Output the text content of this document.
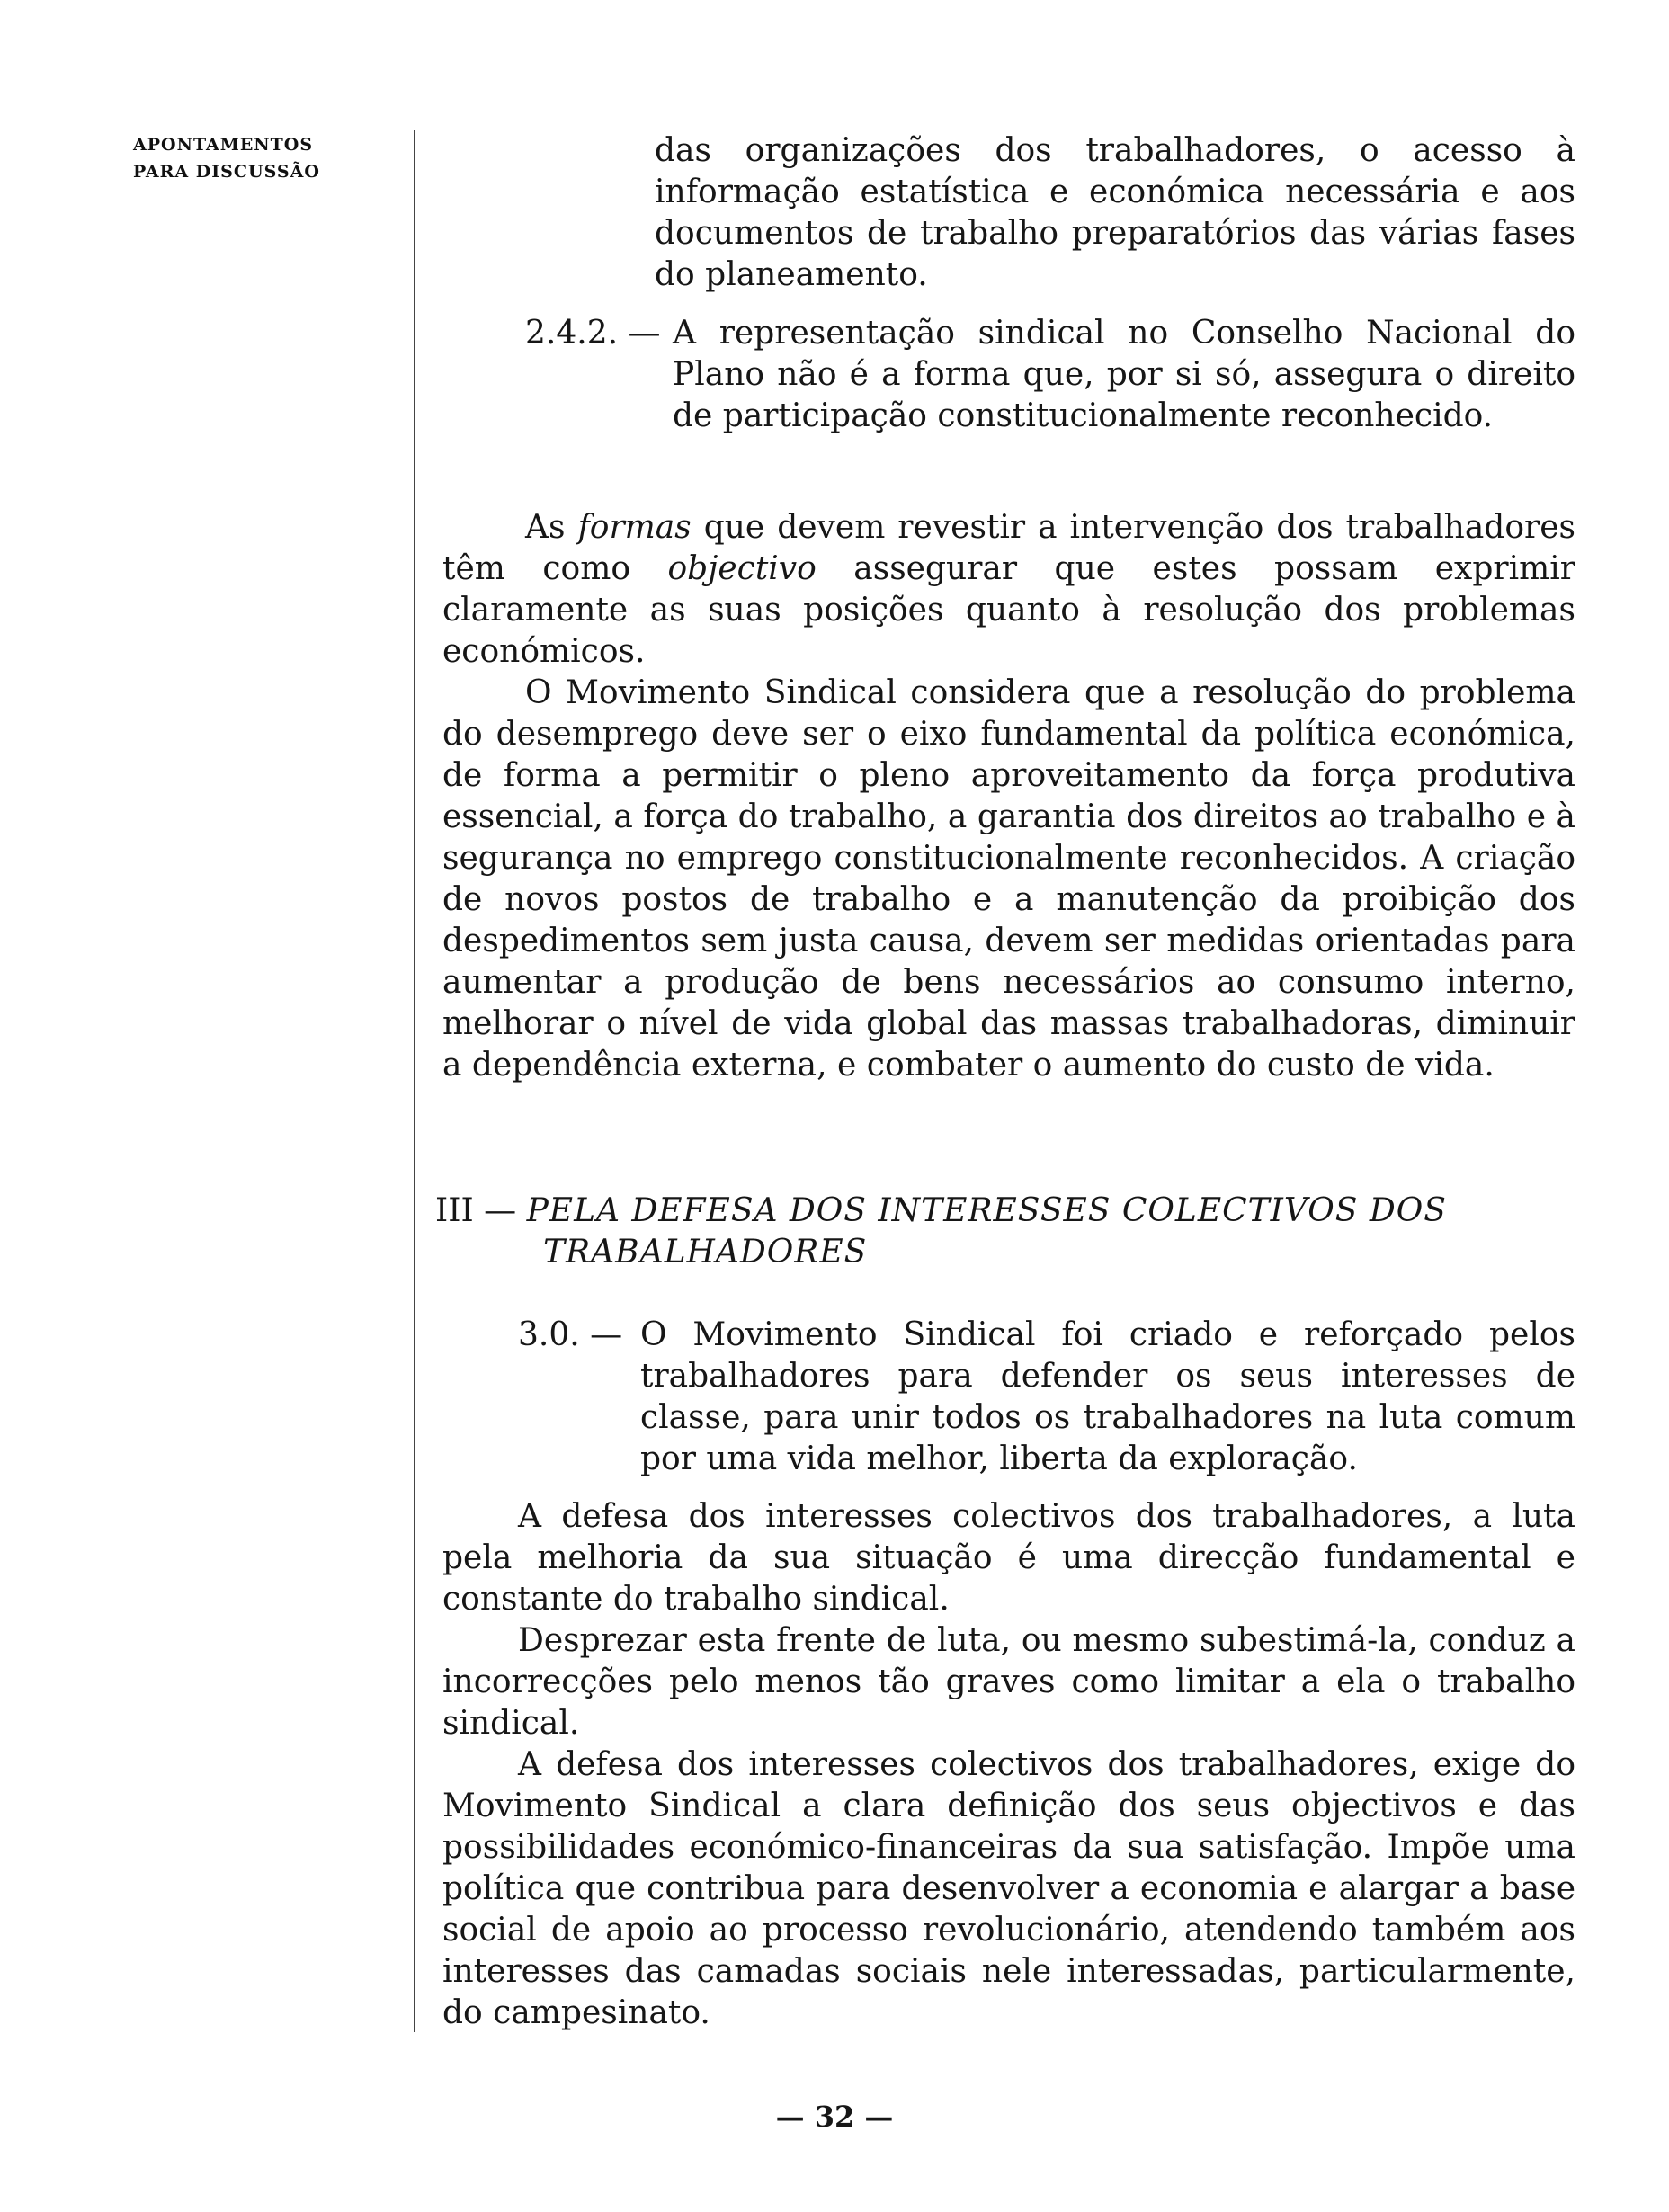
APONTAMENTOS
PARA DISCUSSÃO

das organizações dos trabalhadores, o acesso à informação estatística e económica necessária e aos documentos de trabalho preparatórios das várias fases do planeamento.

2.4.2. — A representação sindical no Conselho Nacional do Plano não é a forma que, por si só, assegura o direito de participação constitucionalmente reconhecido.

As formas que devem revestir a intervenção dos trabalhadores têm como objectivo assegurar que estes possam exprimir claramente as suas posições quanto à resolução dos problemas económicos.

O Movimento Sindical considera que a resolução do problema do desemprego deve ser o eixo fundamental da política económica, de forma a permitir o pleno aproveitamento da força produtiva essencial, a força do trabalho, a garantia dos direitos ao trabalho e à segurança no emprego constitucionalmente reconhecidos. A criação de novos postos de trabalho e a manutenção da proibição dos despedimentos sem justa causa, devem ser medidas orientadas para aumentar a produção de bens necessários ao consumo interno, melhorar o nível de vida global das massas trabalhadoras, diminuir a dependência externa, e combater o aumento do custo de vida.

III — PELA DEFESA DOS INTERESSES COLECTIVOS DOS
TRABALHADORES
3.0. — O Movimento Sindical foi criado e reforçado pelos trabalhadores para defender os seus interesses de classe, para unir todos os trabalhadores na luta comum por uma vida melhor, liberta da exploração.

A defesa dos interesses colectivos dos trabalhadores, a luta pela melhoria da sua situação é uma direcção fundamental e constante do trabalho sindical.

Desprezar esta frente de luta, ou mesmo subestimá-la, conduz a incorrecções pelo menos tão graves como limitar a ela o trabalho sindical.

A defesa dos interesses colectivos dos trabalhadores, exige do Movimento Sindical a clara definição dos seus objectivos e das possibilidades económico-financeiras da sua satisfação. Impõe uma política que contribua para desenvolver a economia e alargar a base social de apoio ao processo revolucionário, atendendo também aos interesses das camadas sociais nele interessadas, particularmente, do campesinato.

— 32 —
